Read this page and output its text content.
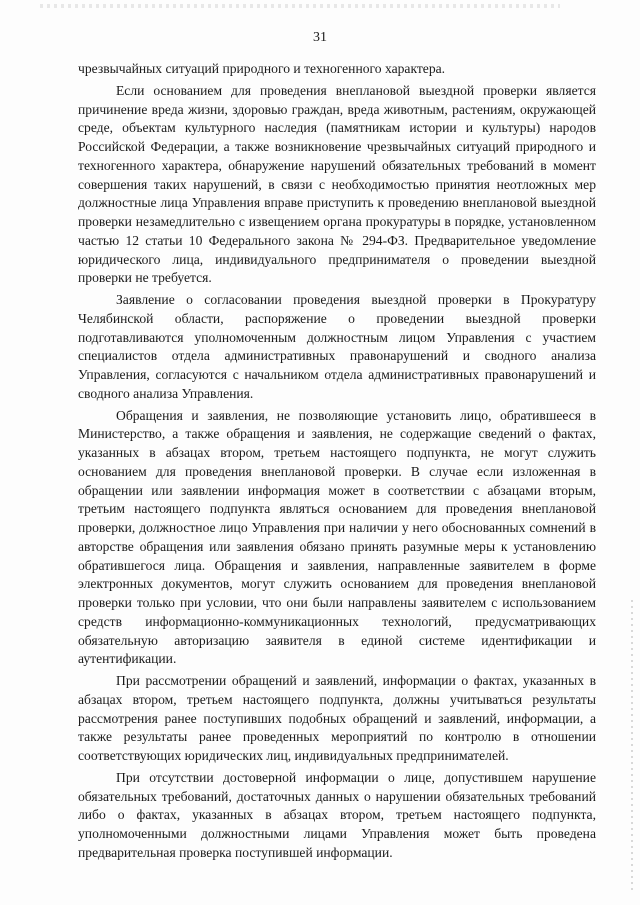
31

чрезвычайных ситуаций природного и техногенного характера.

Если основанием для проведения внеплановой выездной проверки является причинение вреда жизни, здоровью граждан, вреда животным, растениям, окружающей среде, объектам культурного наследия (памятникам истории и культуры) народов Российской Федерации, а также возникновение чрезвычайных ситуаций природного и техногенного характера, обнаружение нарушений обязательных требований в момент совершения таких нарушений, в связи с необходимостью принятия неотложных мер должностные лица Управления вправе приступить к проведению внеплановой выездной проверки незамедлительно с извещением органа прокуратуры в порядке, установленном частью 12 статьи 10 Федерального закона № 294-ФЗ. Предварительное уведомление юридического лица, индивидуального предпринимателя о проведении выездной проверки не требуется.

Заявление о согласовании проведения выездной проверки в Прокуратуру Челябинской области, распоряжение о проведении выездной проверки подготавливаются уполномоченным должностным лицом Управления с участием специалистов отдела административных правонарушений и сводного анализа Управления, согласуются с начальником отдела административных правонарушений и сводного анализа Управления.

Обращения и заявления, не позволяющие установить лицо, обратившееся в Министерство, а также обращения и заявления, не содержащие сведений о фактах, указанных в абзацах втором, третьем настоящего подпункта, не могут служить основанием для проведения внеплановой проверки. В случае если изложенная в обращении или заявлении информация может в соответствии с абзацами вторым, третьим настоящего подпункта являться основанием для проведения внеплановой проверки, должностное лицо Управления при наличии у него обоснованных сомнений в авторстве обращения или заявления обязано принять разумные меры к установлению обратившегося лица. Обращения и заявления, направленные заявителем в форме электронных документов, могут служить основанием для проведения внеплановой проверки только при условии, что они были направлены заявителем с использованием средств информационно-коммуникационных технологий, предусматривающих обязательную авторизацию заявителя в единой системе идентификации и аутентификации.

При рассмотрении обращений и заявлений, информации о фактах, указанных в абзацах втором, третьем настоящего подпункта, должны учитываться результаты рассмотрения ранее поступивших подобных обращений и заявлений, информации, а также результаты ранее проведенных мероприятий по контролю в отношении соответствующих юридических лиц, индивидуальных предпринимателей.

При отсутствии достоверной информации о лице, допустившем нарушение обязательных требований, достаточных данных о нарушении обязательных требований либо о фактах, указанных в абзацах втором, третьем настоящего подпункта, уполномоченными должностными лицами Управления может быть проведена предварительная проверка поступившей информации.
